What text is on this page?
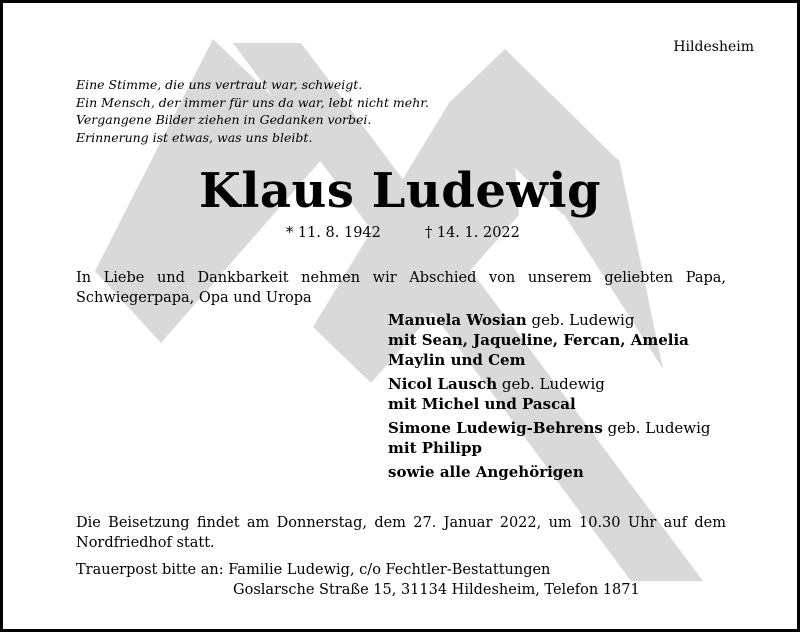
Hildesheim
Eine Stimme, die uns vertraut war, schweigt.
Ein Mensch, der immer für uns da war, lebt nicht mehr.
Vergangene Bilder ziehen in Gedanken vorbei.
Erinnerung ist etwas, was uns bleibt.
Klaus Ludewig
* 11. 8. 1942	† 14. 1. 2022

In Liebe und Dankbarkeit nehmen wir Abschied von unserem geliebten Papa, Schwiegerpapa, Opa und Uropa

Manuela Wosian geb. Ludewig
mit Sean, Jaqueline, Fercan, Amelia
Maylin und Cem
Nicol Lausch geb. Ludewig
mit Michel und Pascal
Simone Ludewig-Behrens geb. Ludewig
mit Philipp
sowie alle Angehörigen

Die Beisetzung findet am Donnerstag, dem 27. Januar 2022, um 10.30 Uhr auf dem Nordfriedhof statt.

Trauerpost bitte an: Familie Ludewig, c/o Fechtler-Bestattungen
Goslarsche Straße 15, 31134 Hildesheim, Telefon 1871
